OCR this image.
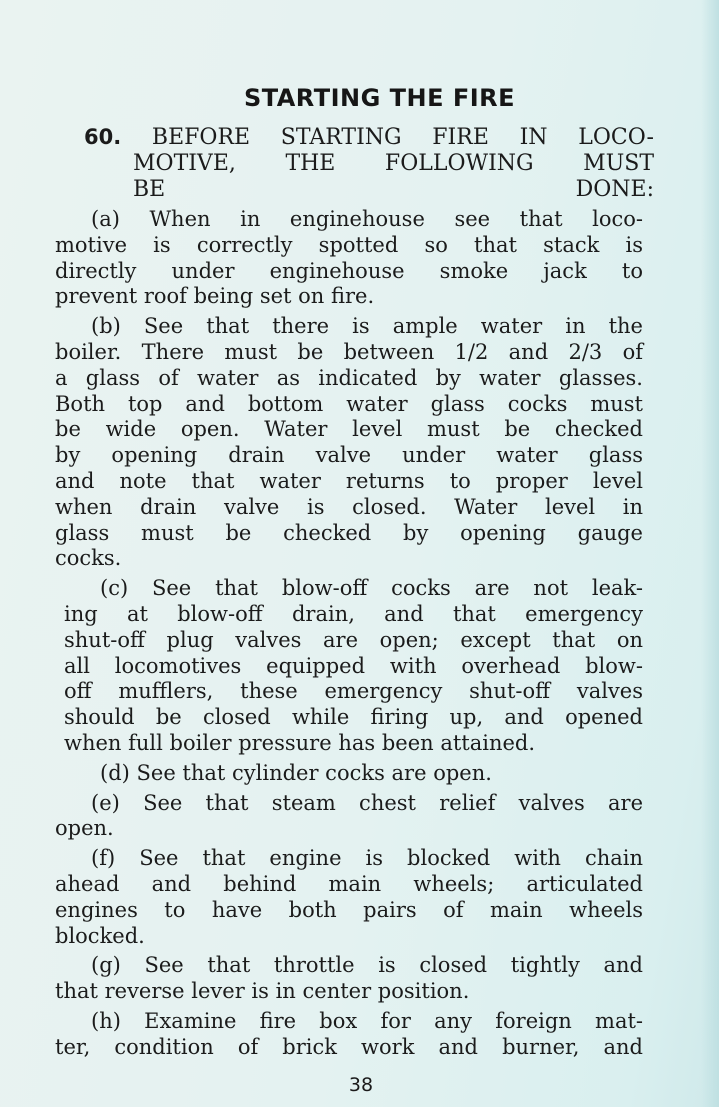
STARTING THE FIRE
60. BEFORE STARTING FIRE IN LOCO-
MOTIVE, THE FOLLOWING MUST
BE DONE:
(a) When in enginehouse see that loco-
motive is correctly spotted so that stack is
directly under enginehouse smoke jack to
prevent roof being set on fire.
(b) See that there is ample water in the
boiler. There must be between 1/2 and 2/3 of
a glass of water as indicated by water glasses.
Both top and bottom water glass cocks must
be wide open. Water level must be checked
by opening drain valve under water glass
and note that water returns to proper level
when drain valve is closed. Water level in
glass must be checked by opening gauge
cocks.
(c) See that blow-off cocks are not leak-
ing at blow-off drain, and that emergency
shut-off plug valves are open; except that on
all locomotives equipped with overhead blow-
off mufflers, these emergency shut-off valves
should be closed while firing up, and opened
when full boiler pressure has been attained.
(d) See that cylinder cocks are open.
(e) See that steam chest relief valves are
open.
(f) See that engine is blocked with chain
ahead and behind main wheels; articulated
engines to have both pairs of main wheels
blocked.
(g) See that throttle is closed tightly and
that reverse lever is in center position.
(h) Examine fire box for any foreign mat-
ter, condition of brick work and burner, and
38
